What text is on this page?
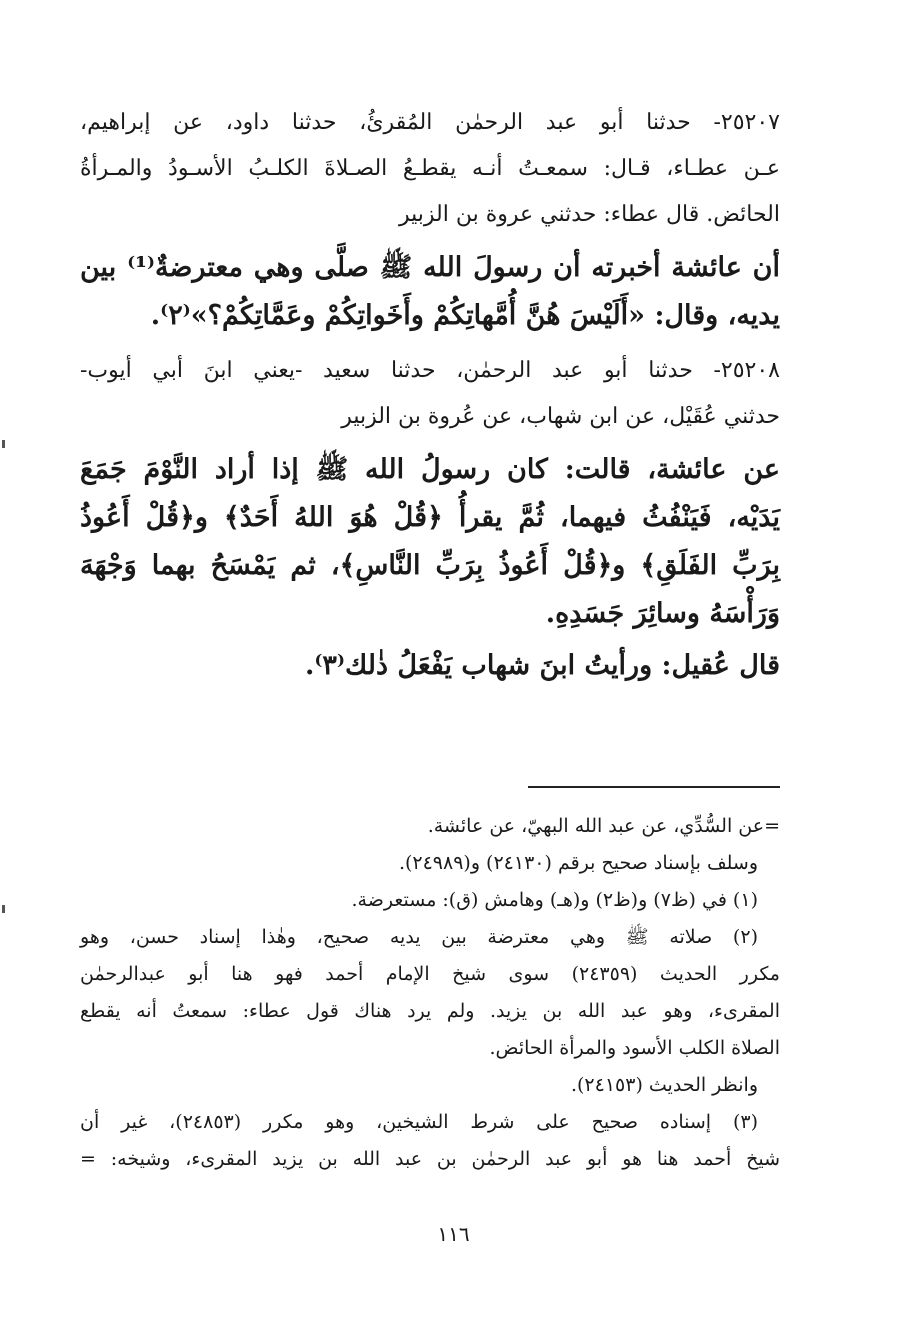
٢٥٢٠٧- حدثنا أبو عبد الرحمٰن المُقرئُ، حدثنا داود، عن إبراهيم،
عـن عطـاء، قـال: سمعـتُ أنـه يقطـعُ الصـلاةَ الكلـبُ الأسـودُ والمـرأةُ
الحائض. قال عطاء: حدثني عروة بن الزبير
أن عائشة أخبرته أن رسولَ الله ﷺ صلَّى وهي معترضةٌ⁽¹⁾ بين
يديه، وقال: «أَلَيْسَ هُنَّ أُمَّهاتِكُمْ وأَخَواتِكُمْ وعَمَّاتِكُمْ؟»⁽٢⁾.
٢٥٢٠٨- حدثنا أبو عبد الرحمٰن، حدثنا سعيد -يعني ابنَ أبي أيوب-
حدثني عُقَيْل، عن ابن شهاب، عن عُروة بن الزبير
عن عائشة، قالت: كان رسولُ الله ﷺ إذا أراد النَّوْمَ جَمَعَ
يَدَيْه، فَيَنْفُثُ فيهما، ثُمَّ يقرأُ ﴿قُلْ هُوَ اللهُ أَحَدٌ﴾ و﴿قُلْ أَعُوذُ
بِرَبِّ الفَلَقِ﴾ و﴿قُلْ أَعُوذُ بِرَبِّ النَّاسِ﴾، ثم يَمْسَحُ بهما وَجْهَهَ
وَرَأْسَهُ وسائِرَ جَسَدِهِ.
قال عُقيل: ورأيتُ ابنَ شهاب يَفْعَلُ ذٰلك⁽٣⁾.

=عن السُّدِّي، عن عبد الله البهيّ، عن عائشة.

وسلف بإسناد صحيح برقم (٢٤١٣٠) و(٢٤٩٨٩).

(١) في (ظ٧) و(ظ٢) و(هـ) وهامش (ق): مستعرضة.

(٢) صلاته ﷺ وهي معترضة بين يديه صحيح، وهٰذا إسناد حسن، وهو

مكرر الحديث (٢٤٣٥٩) سوى شيخ الإمام أحمد فهو هنا أبو عبدالرحمٰن

المقرىء، وهو عبد الله بن يزيد. ولم يرد هناك قول عطاء: سمعتُ أنه يقطع

الصلاة الكلب الأسود والمرأة الحائض.

وانظر الحديث (٢٤١٥٣).

(٣) إسناده صحيح على شرط الشيخين، وهو مكرر (٢٤٨٥٣)، غير أن

شيخ أحمد هنا هو أبو عبد الرحمٰن بن عبد الله بن يزيد المقرىء، وشيخه: =

١١٦
